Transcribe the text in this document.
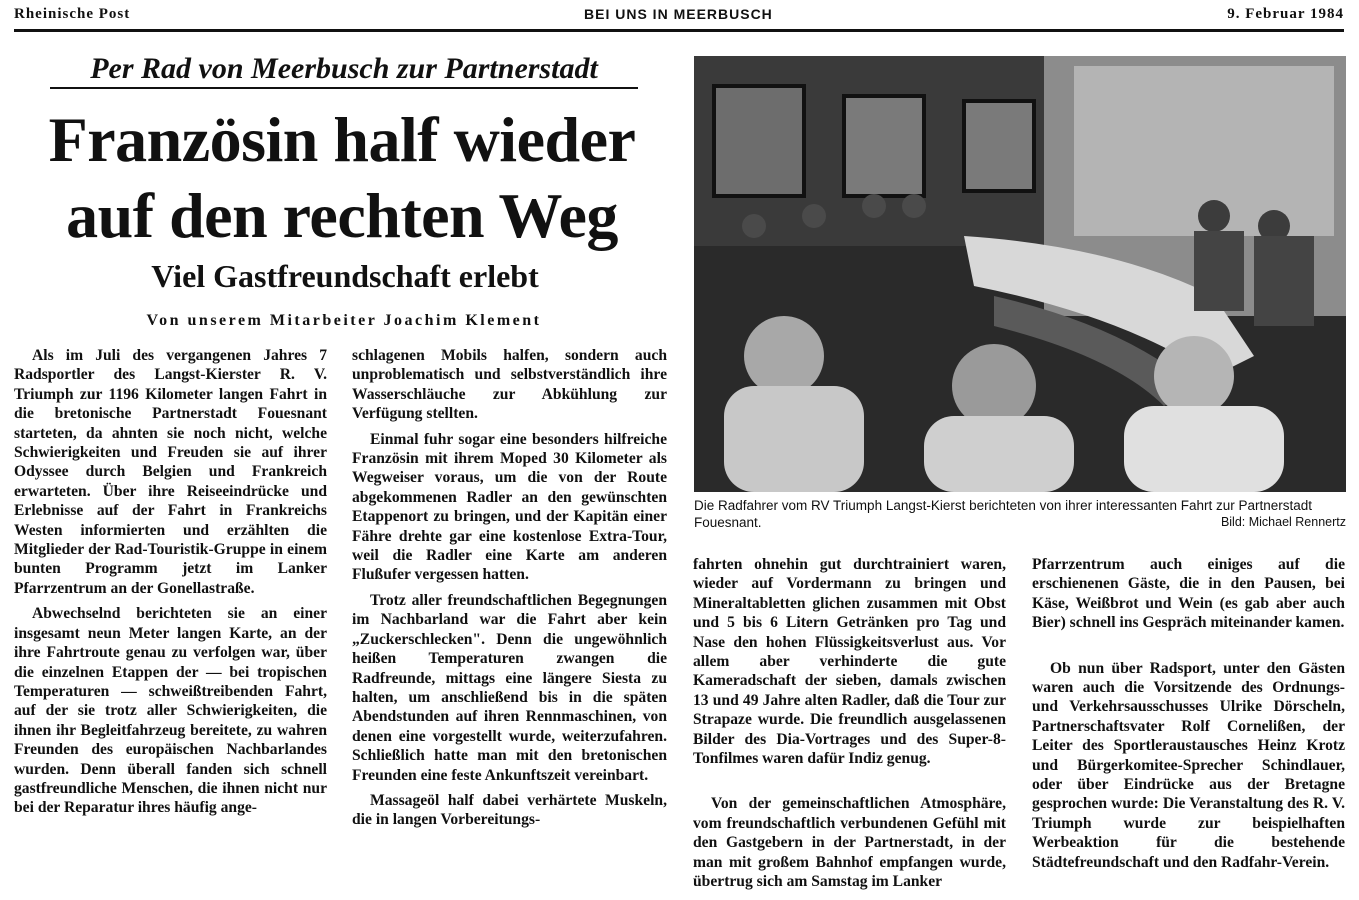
Rheinische Post	BEI UNS IN MEERBUSCH	9. Februar 1984
Per Rad von Meerbusch zur Partnerstadt
Französin half wieder
auf den rechten Weg
Viel Gastfreundschaft erlebt
Von unserem Mitarbeiter Joachim Klement

Als im Juli des vergangenen Jahres 7 Radsportler des Langst-Kierster R. V. Triumph zur 1196 Kilometer langen Fahrt in die bretonische Partnerstadt Fouesnant starteten, da ahnten sie noch nicht, welche Schwierigkeiten und Freuden sie auf ihrer Odyssee durch Belgien und Frankreich erwarteten. Über ihre Reiseeindrücke und Erlebnisse auf der Fahrt in Frankreichs Westen informierten und erzählten die Mitglieder der Rad-Touristik-Gruppe in einem bunten Programm jetzt im Lanker Pfarrzentrum an der Gonellastraße.

Abwechselnd berichteten sie an einer insgesamt neun Meter langen Karte, an der ihre Fahrtroute genau zu verfolgen war, über die einzelnen Etappen der — bei tropischen Temperaturen — schweißtreibenden Fahrt, auf der sie trotz aller Schwierigkeiten, die ihnen ihr Begleitfahrzeug bereitete, zu wahren Freunden des europäischen Nachbarlandes wurden. Denn überall fanden sich schnell gastfreundliche Menschen, die ihnen nicht nur bei der Reparatur ihres häufig ange-

schlagenen Mobils halfen, sondern auch unproblematisch und selbstverständlich ihre Wasserschläuche zur Abkühlung zur Verfügung stellten.

Einmal fuhr sogar eine besonders hilfreiche Französin mit ihrem Moped 30 Kilometer als Wegweiser voraus, um die von der Route abgekommenen Radler an den gewünschten Etappenort zu bringen, und der Kapitän einer Fähre drehte gar eine kostenlose Extra-Tour, weil die Radler eine Karte am anderen Flußufer vergessen hatten.

Trotz aller freundschaftlichen Begegnungen im Nachbarland war die Fahrt aber kein „Zuckerschlecken". Denn die ungewöhnlich heißen Temperaturen zwangen die Radfreunde, mittags eine längere Siesta zu halten, um anschließend bis in die späten Abendstunden auf ihren Rennmaschinen, von denen eine vorgestellt wurde, weiterzufahren. Schließlich hatte man mit den bretonischen Freunden eine feste Ankunftszeit vereinbart.

Massageöl half dabei verhärtete Muskeln, die in langen Vorbereitungs-

Die Radfahrer vom RV Triumph Langst-Kierst berichteten von ihrer interessanten Fahrt zur Partnerstadt Fouesnant.	Bild: Michael Rennertz

fahrten ohnehin gut durchtrainiert waren, wieder auf Vordermann zu bringen und Mineraltabletten glichen zusammen mit Obst und 5 bis 6 Litern Getränken pro Tag und Nase den hohen Flüssigkeitsverlust aus. Vor allem aber verhinderte die gute Kameradschaft der sieben, damals zwischen 13 und 49 Jahre alten Radler, daß die Tour zur Strapaze wurde. Die freundlich ausgelassenen Bilder des Dia-Vortrages und des Super-8-Tonfilmes waren dafür Indiz genug.

Von der gemeinschaftlichen Atmosphäre, vom freundschaftlich verbundenen Gefühl mit den Gastgebern in der Partnerstadt, in der man mit großem Bahnhof empfangen wurde, übertrug sich am Samstag im Lanker

Pfarrzentrum auch einiges auf die erschienenen Gäste, die in den Pausen, bei Käse, Weißbrot und Wein (es gab aber auch Bier) schnell ins Gespräch miteinander kamen.

Ob nun über Radsport, unter den Gästen waren auch die Vorsitzende des Ordnungs- und Verkehrsausschusses Ulrike Dörscheln, Partnerschaftsvater Rolf Cornelißen, der Leiter des Sportleraustausches Heinz Krotz und Bürgerkomitee-Sprecher Schindlauer, oder über Eindrücke aus der Bretagne gesprochen wurde: Die Veranstaltung des R. V. Triumph wurde zur beispielhaften Werbeaktion für die bestehende Städtefreundschaft und den Radfahr-Verein.
